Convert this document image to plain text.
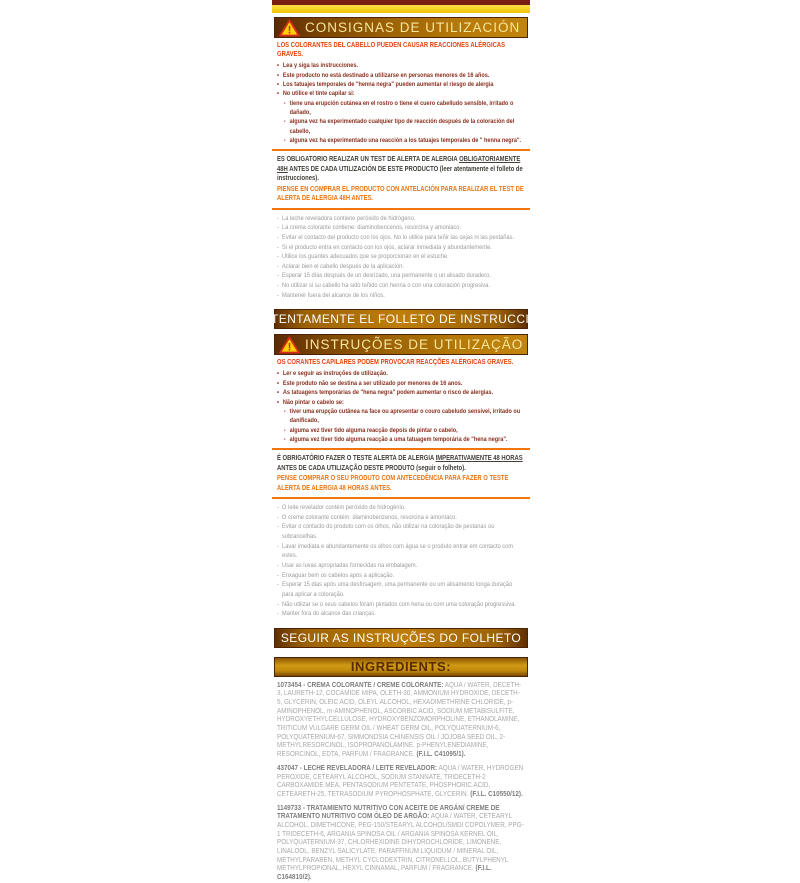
! CONSIGNAS DE UTILIZACIÓN
LOS COLORANTES DEL CABELLO PUEDEN CAUSAR REACCIONES ALÉRGICAS GRAVES.
• Lea y siga las instrucciones.
• Este producto no está destinado a utilizarse en personas menores de 16 años.
• Los tatuajes temporales de "henna negra" pueden aumentar el riesgo de alergia
• No utilice el tinte capilar si:
- tiene una erupción cutánea en el rostro o tiene el cuero cabelludo sensible, irritado o dañado,
- alguna vez ha experimentado cualquier tipo de reacción después de la coloración del cabello,
- alguna vez ha experimentado una reacción a los tatuajes temporales de " henna negra".
ES OBLIGATORIO REALIZAR UN TEST DE ALERTA DE ALERGIA OBLIGATORIAMENTE 48H ANTES DE CADA UTILIZACIÓN DE ESTE PRODUCTO (leer atentamente el folleto de instrucciones).
PIENSE EN COMPRAR EL PRODUCTO CON ANTELACIÓN PARA REALIZAR EL TEST DE ALERTA DE ALERGIA 48H ANTES.
- La leche reveladora contiene peróxido de hidrógeno.
- La crema colorante contiene: diaminobencenos, resorcina y amoniaco.
- Evitar el contacto del producto con los ojos. No lo utilice para teñir las cejas ni las pestañas.
- Si el producto entra en contacto con los ojos, aclarar inmediata y abundantemente.
- Utilice los guantes adecuados que se proporcionan en el estuche.
- Aclarar bien el cabello después de la aplicación.
- Esperar 15 días después de un desrizado, una permanente o un alisado duradero.
- No utilizar si su cabello ha sido teñido con henna o con una coloración progresiva.
- Mantener fuera del alcance de los niños.
LEA ATENTAMENTE EL FOLLETO DE INSTRUCCIONES
! INSTRUÇÕES DE UTILIZAÇÃO
OS CORANTES CAPILARES PODEM PROVOCAR REACÇÕES ALÉRGICAS GRAVES.
• Ler e seguir as instruções de utilização.
• Este produto não se destina a ser utilizado por menores de 16 anos.
• As tatuagens temporárias de "hena negra" podem aumentar o risco de alergias.
• Não pintar o cabelo se:
- tiver uma erupção cutânea na face ou apresentar o couro cabeludo sensível, irritado ou danificado,
- alguma vez tiver tido alguma reacção depois de pintar o cabelo,
- alguma vez tiver tido alguma reacção a uma tatuagem temporária de "hena negra".
É OBRIGATÓRIO FAZER O TESTE ALERTA DE ALERGIA IMPERATIVAMENTE 48 HORAS ANTES DE CADA UTILIZAÇÃO DESTE PRODUTO (seguir o folheto).
PENSE COMPRAR O SEU PRODUTO COM ANTECEDÊNCIA PARA FAZER O TESTE ALERTA DE ALERGIA 48 HORAS ANTES.
- O leite revelador contém peróxido de hidrogénio.
- O creme colorante contém: diaminobenzenos, resorcina e amoníaco.
- Evitar o contacto do produto com os olhos, não utilizar na coloração de pestanas ou sobrancelhas.
- Lavar imediata e abundantemente os olhos com água se o produto entrar em contacto com estes.
- Usar as luvas apropriadas fornecidas na embalagem.
- Enxaguar bem os cabelos após a aplicação.
- Esperar 15 dias após uma desfrisagem, uma permanente ou um alisamento longa duração para aplicar a coloração.
- Não utilizar se o seus cabelos foram pintados com hena ou com uma coloração progressiva.
- Manter fora do alcance das crianças.
SEGUIR AS INSTRUÇÕES DO FOLHETO
INGREDIENTS:

1073454 - CREMA COLORANTE / CREME COLORANTE: AQUA / WATER, DECETH-3, LAURETH-12, COCAMIDE MIPA, OLETH-30, AMMONIUM HYDROXIDE, DECETH-5, GLYCERIN, OLEIC ACID, OLEYL ALCOHOL, HEXADIMETHRINE CHLORIDE, p-AMINOPHENOL, m-AMINOPHENOL, ASCORBIC ACID, SODIUM METABISULFITE, HYDROXYETHYLCELLULOSE, HYDROXYBENZOMORPHOLINE, ETHANOLAMINE, TRITICUM VULGARE GERM OIL / WHEAT GERM OIL, POLYQUATERNIUM-6, POLYQUATERNIUM-67, SIMMONDSIA CHINENSIS OIL / JOJOBA SEED OIL, 2-METHYLRESORCINOL, ISOPROPANOLAMINE, p-PHENYLENEDIAMINE, RESORCINOL, EDTA, PARFUM / FRAGRANCE. (F.I.L. C41095/1).

437047 - LECHE REVELADORA / LEITE REVELADOR: AQUA / WATER, HYDROGEN PEROXIDE, CETEARYL ALCOHOL, SODIUM STANNATE, TRIDECETH-2 CARBOXAMIDE MEA, PENTASODIUM PENTETATE, PHOSPHORIC ACID, CETEARETH-25, TETRASODIUM PYROPHOSPHATE, GLYCERIN. (F.I.L. C10550/12).

1149733 - TRATAMIENTO NUTRITIVO CON ACEITE DE ARGÁN/ CREME DE TRATAMENTO NUTRITIVO COM ÓLEO DE ARGÃO: AQUA / WATER, CETEARYL ALCOHOL, DIMETHICONE, PEG-150/STEARYL ALCOHOL/SMDI COPOLYMER, PPG-1 TRIDECETH-6, ARGANIA SPINOSA OIL / ARGANIA SPINOSA KERNEL OIL, POLYQUATERNIUM-37, CHLORHEXIDINE DIHYDROCHLORIDE, LIMONENE, LINALOOL, BENZYL SALICYLATE, PARAFFINUM LIQUIDUM / MINERAL OIL, METHYLPARABEN, METHYL CYCLODEXTRIN, CITRONELLOL, BUTYLPHENYL METHYLPROPIONAL, HEXYL CINNAMAL, PARFUM / FRAGRANCE. (F.I.L. C164810/2).
